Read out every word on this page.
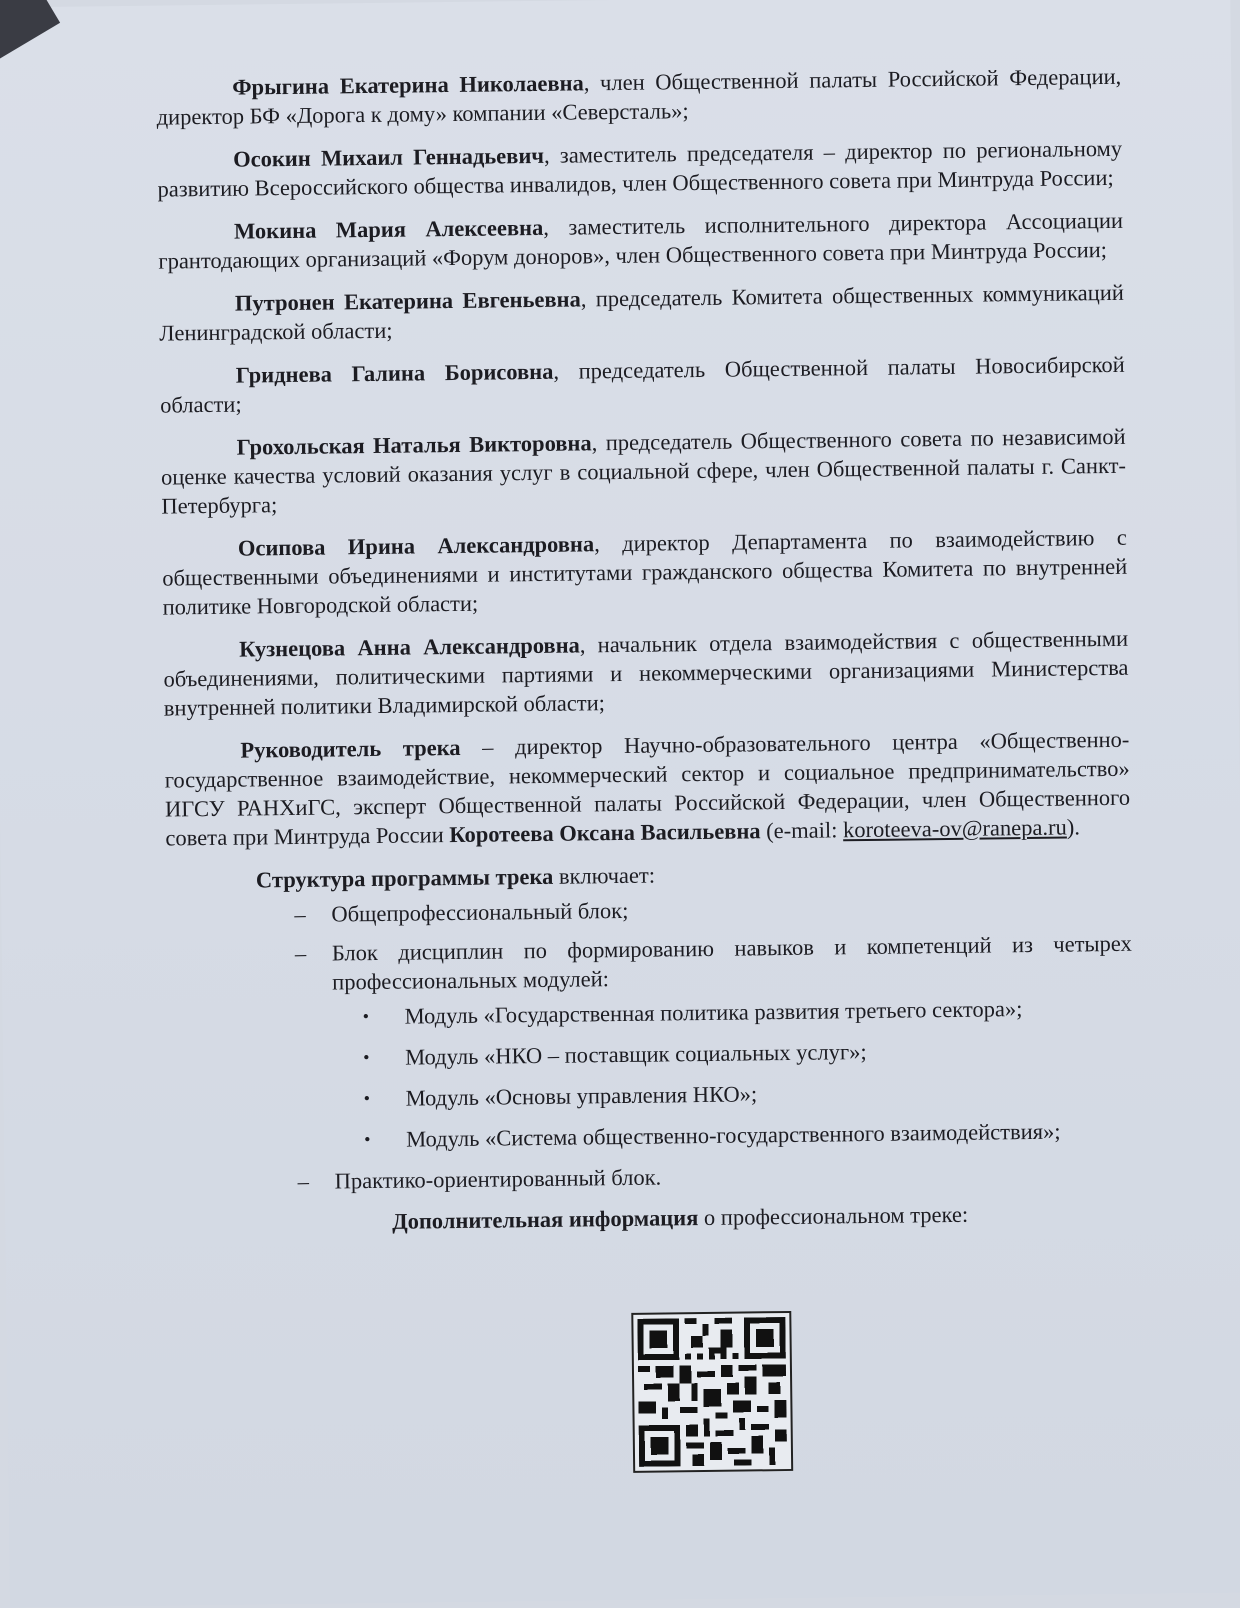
Фрыгина Екатерина Николаевна, член Общественной палаты Российской Федерации, директор БФ «Дорога к дому» компании «Северсталь»;

Осокин Михаил Геннадьевич, заместитель председателя – директор по региональному развитию Всероссийского общества инвалидов, член Общественного совета при Минтруда России;

Мокина Мария Алексеевна, заместитель исполнительного директора Ассоциации грантодающих организаций «Форум доноров», член Общественного совета при Минтруда России;

Путронен Екатерина Евгеньевна, председатель Комитета общественных коммуникаций Ленинградской области;

Гриднева Галина Борисовна, председатель Общественной палаты Новосибирской области;

Грохольская Наталья Викторовна, председатель Общественного совета по независимой оценке качества условий оказания услуг в социальной сфере, член Общественной палаты г. Санкт-Петербурга;

Осипова Ирина Александровна, директор Департамента по взаимодействию с общественными объединениями и институтами гражданского общества Комитета по внутренней политике Новгородской области;

Кузнецова Анна Александровна, начальник отдела взаимодействия с общественными объединениями, политическими партиями и некоммерческими организациями Министерства внутренней политики Владимирской области;

Руководитель трека – директор Научно-образовательного центра «Общественно-государственное взаимодействие, некоммерческий сектор и социальное предпринимательство» ИГСУ РАНХиГС, эксперт Общественной палаты Российской Федерации, член Общественного совета при Минтруда России Коротеева Оксана Васильевна (e-mail: koroteeva-ov@ranepa.ru).

Структура программы трека включает:

– Общепрофессиональный блок;
– Блок дисциплин по формированию навыков и компетенций из четырех профессиональных модулей:
• Модуль «Государственная политика развития третьего сектора»;
• Модуль «НКО – поставщик социальных услуг»;
• Модуль «Основы управления НКО»;
• Модуль «Система общественно-государственного взаимодействия»;
– Практико-ориентированный блок.

Дополнительная информация о профессиональном треке:
